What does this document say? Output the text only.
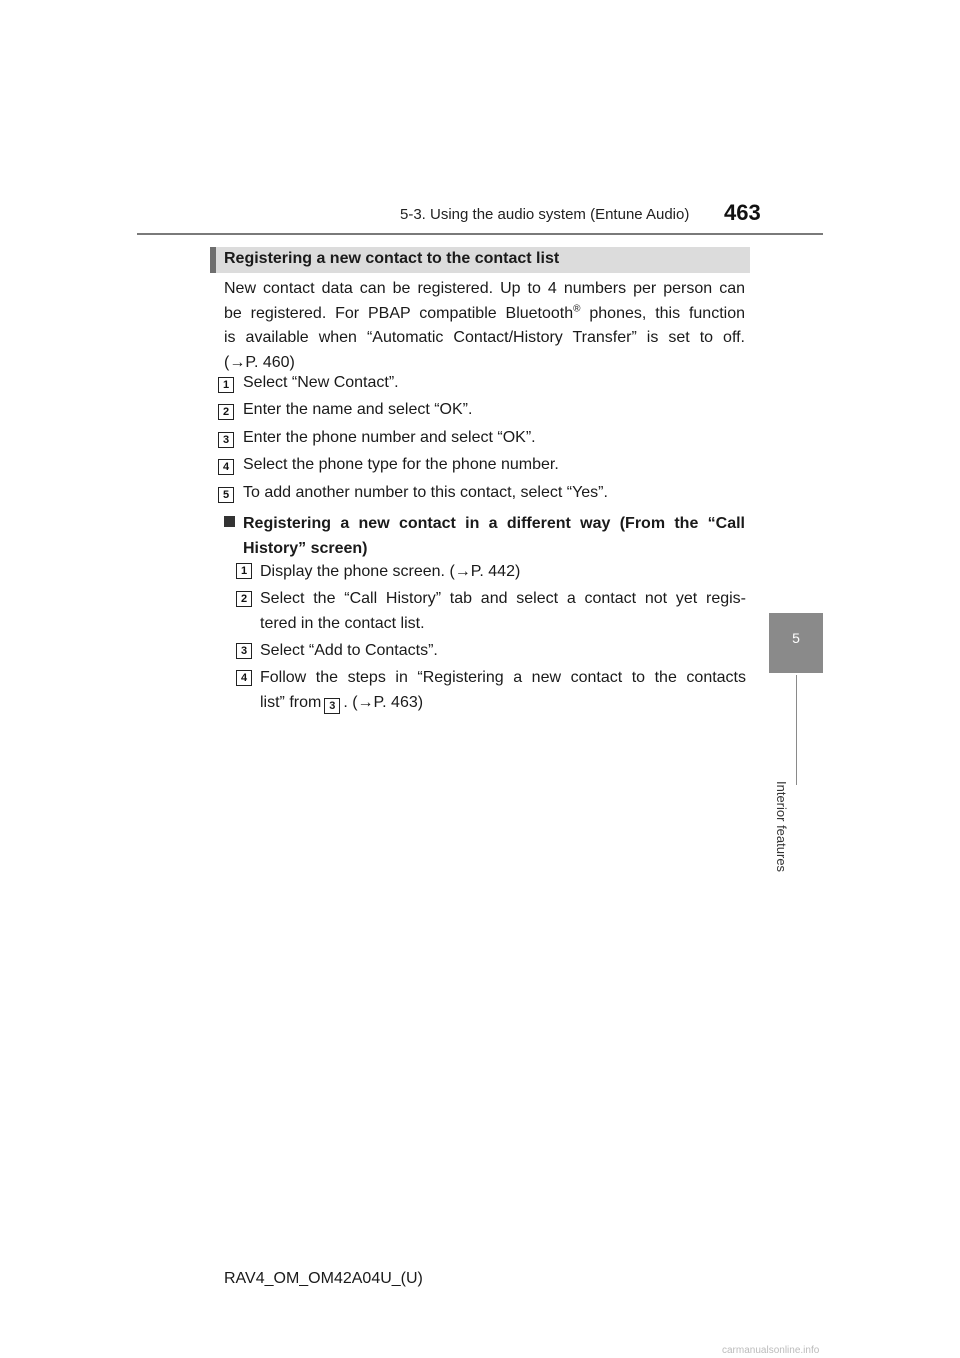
5-3. Using the audio system (Entune Audio) 463
5
Interior features
Registering a new contact to the contact list
New contact data can be registered. Up to 4 numbers per person can
be registered. For PBAP compatible Bluetooth® phones, this function
is available when “Automatic Contact/History Transfer” is set to off.
(→P. 460)
1 Select “New Contact”.
2 Enter the name and select “OK”.
3 Enter the phone number and select “OK”.
4 Select the phone type for the phone number.
5 To add another number to this contact, select “Yes”.
Registering a new contact in a different way (From the “Call
History” screen)
1 Display the phone screen. (→P. 442)
2 Select the “Call History” tab and select a contact not yet regis-
tered in the contact list.
3 Select “Add to Contacts”.
4 Follow the steps in “Registering a new contact to the contacts
list” from 3 . (→P. 463)
RAV4_OM_OM42A04U_(U)
carmanualsonline.info
